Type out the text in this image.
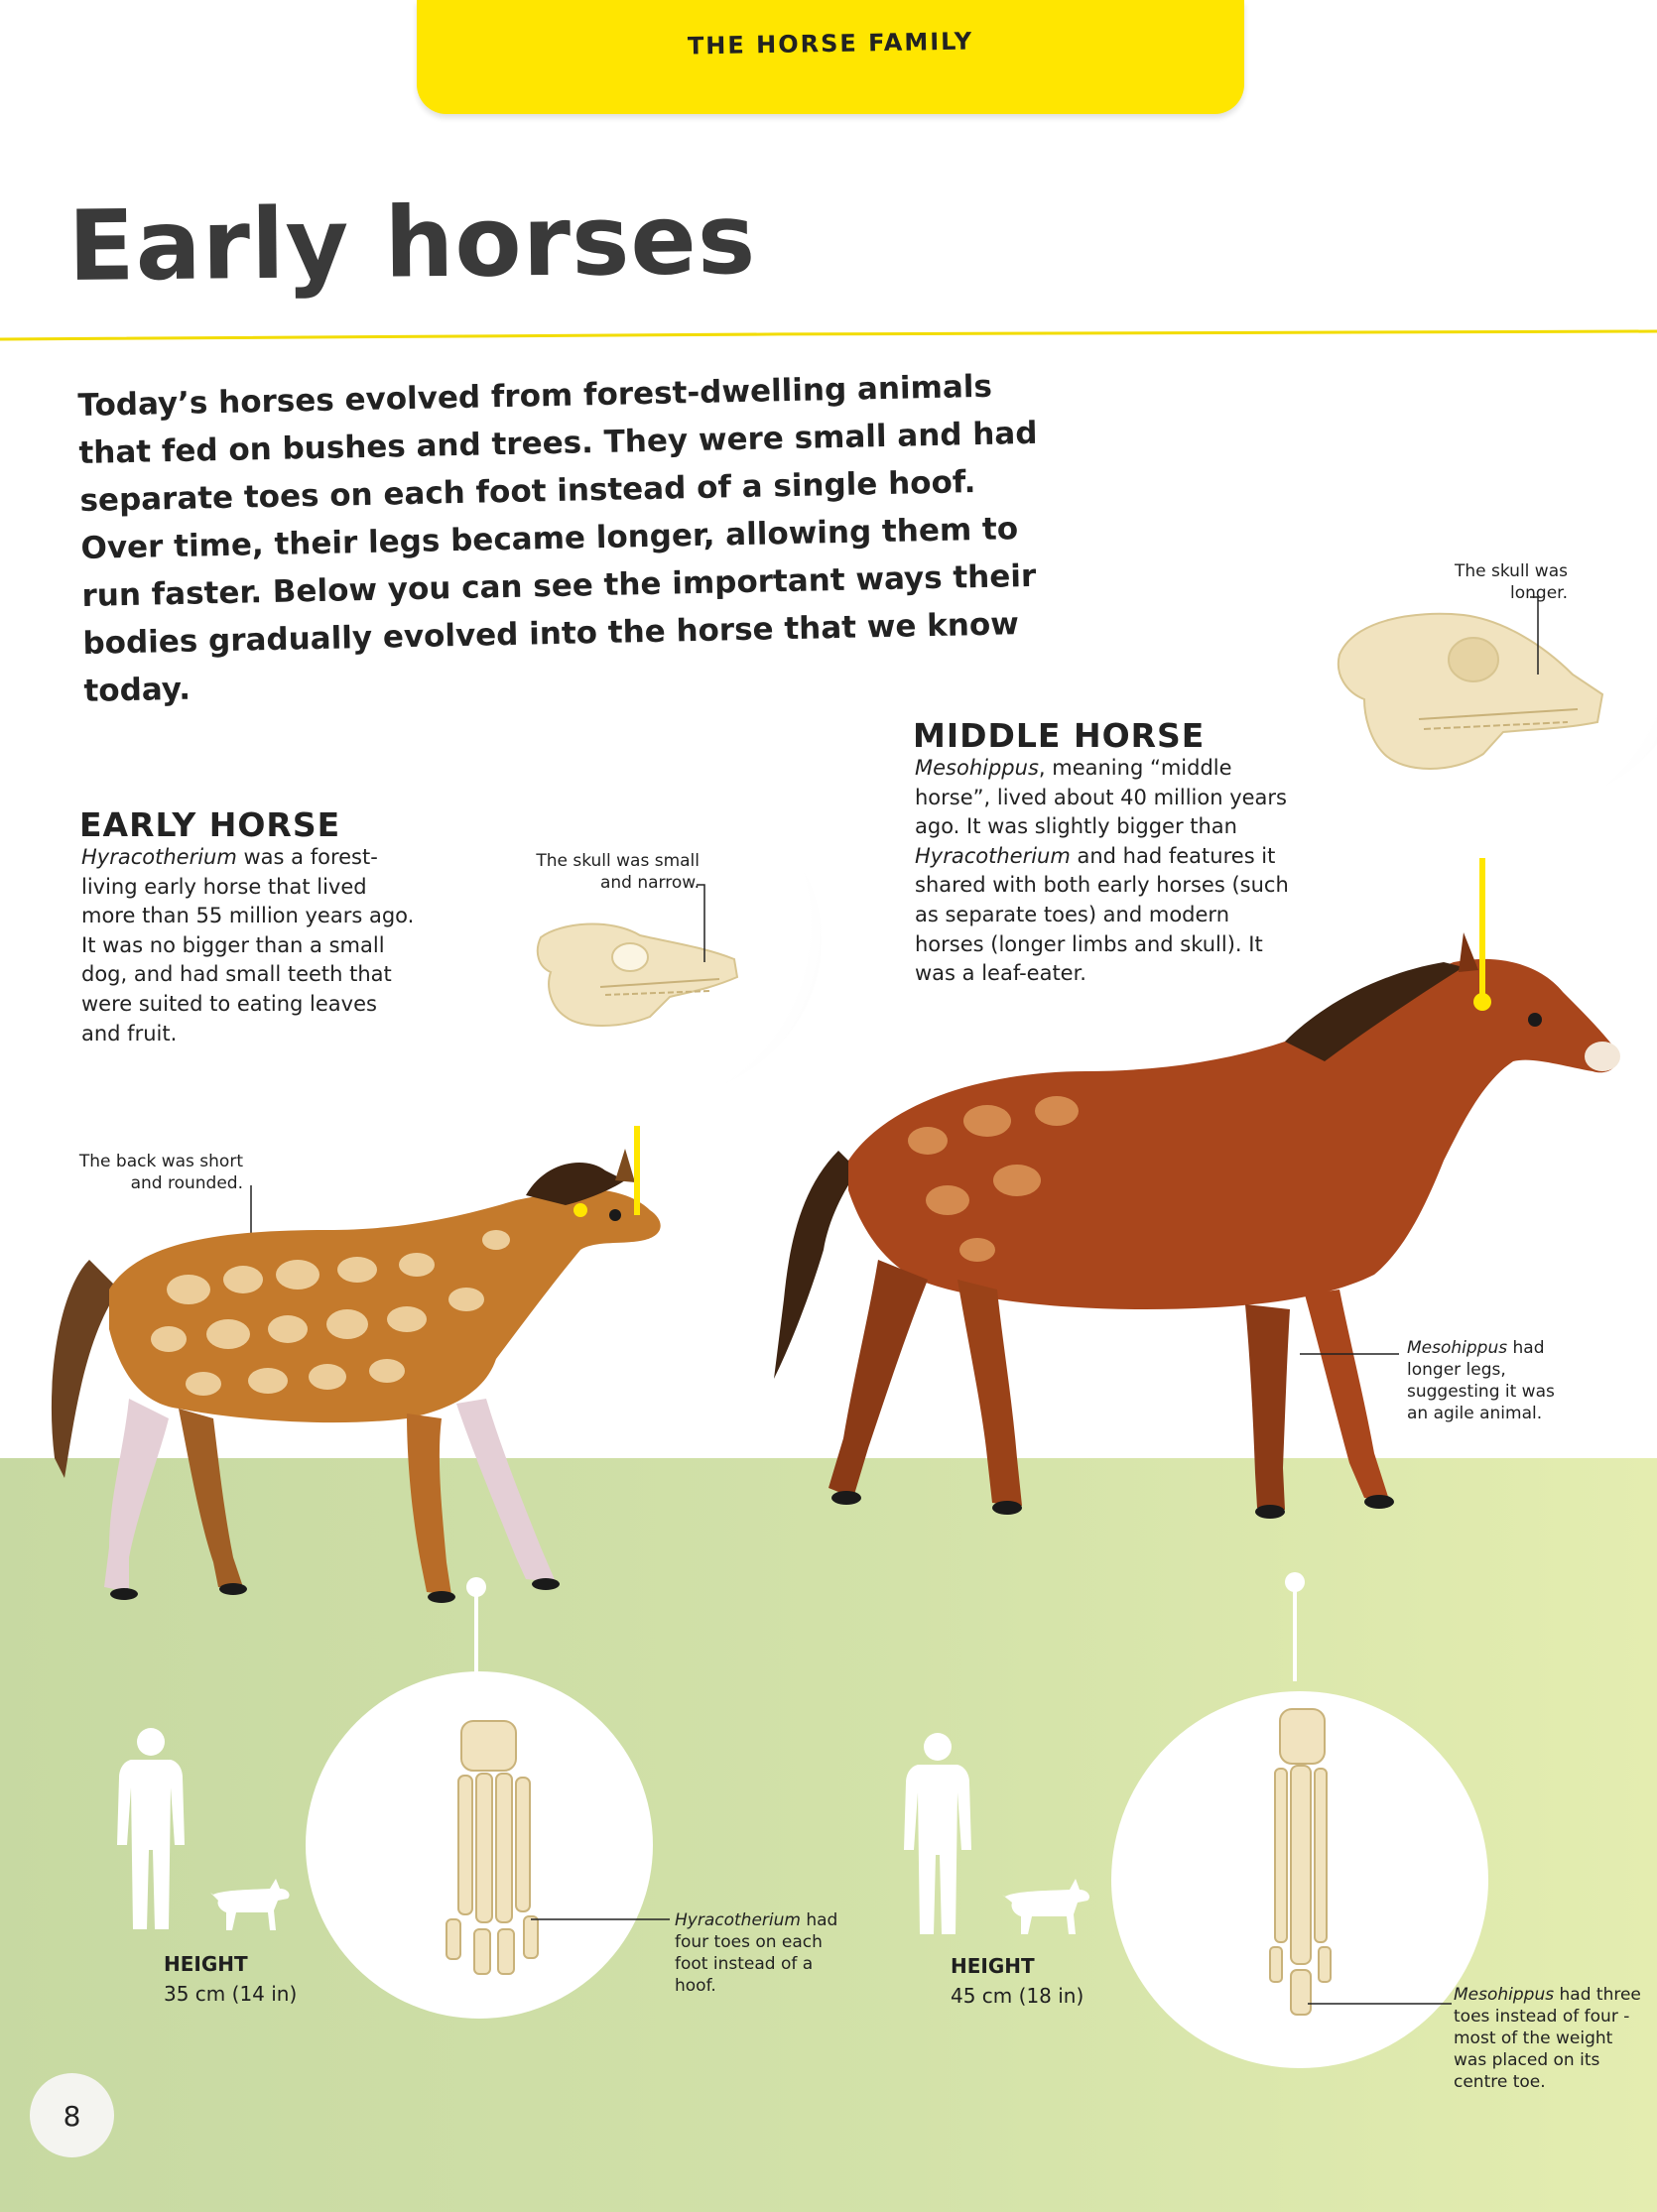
THE HORSE FAMILY
Early horses
Today’s horses evolved from forest-dwelling animals that fed on bushes and trees. They were small and had separate toes on each foot instead of a single hoof. Over time, their legs became longer, allowing them to run faster. Below you can see the important ways their bodies gradually evolved into the horse that we know today.
The skull was small and narrow.
The skull was longer.
EARLY HORSE
Hyracotherium was a forest-living early horse that lived more than 55 million years ago. It was no bigger than a small dog, and had small teeth that were suited to eating leaves and fruit.
MIDDLE HORSE
Mesohippus, meaning “middle horse”, lived about 40 million years ago. It was slightly bigger than Hyracotherium and had features it shared with both early horses (such as separate toes) and modern horses (longer limbs and skull). It was a leaf-eater.
The back was short and rounded.
Mesohippus had longer legs, suggesting it was an agile animal.
Hyracotherium had four toes on each foot instead of a hoof.	Mesohippus had three toes instead of four - most of the weight was placed on its centre toe.
HEIGHT
35 cm (14 in)
HEIGHT
45 cm (18 in)
8
